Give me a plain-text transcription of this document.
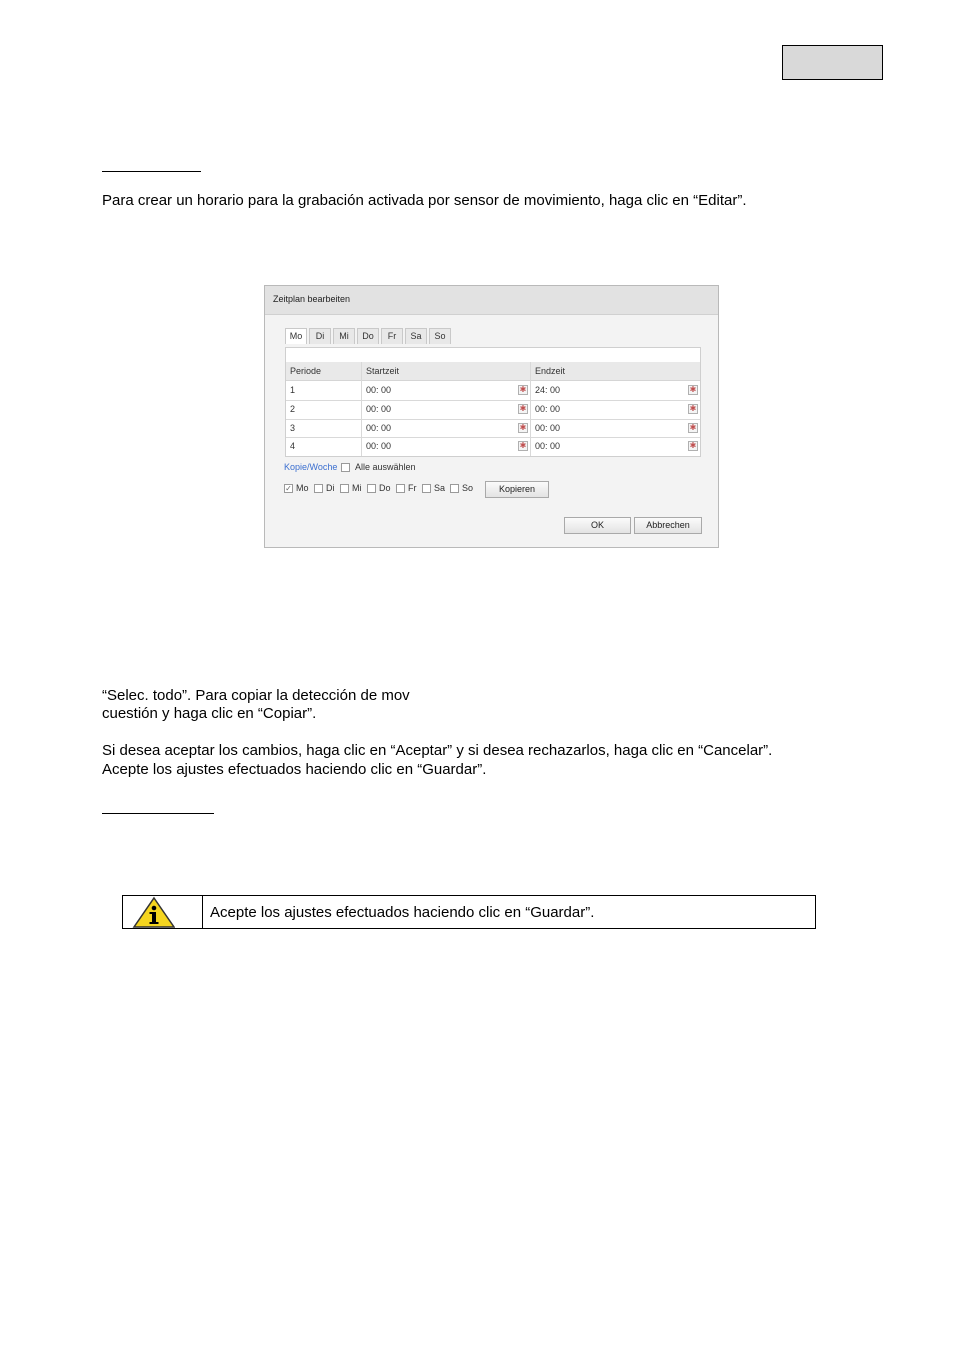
Para crear un horario para la grabación activada por sensor de movimiento, haga clic en “Editar”.
Zeitplan bearbeiten
Mo	Di	Mi	Do	Fr	Sa	So
Periode	Startzeit	Endzeit
1	00: 00	✱ 24: 00	✱
2	00: 00	✱ 00: 00	✱
3	00: 00	✱ 00: 00	✱
4	00: 00	✱ 00: 00	✱
Kopie/Woche Alle auswählen
✓ Mo Di Mi Do Fr Sa So	Kopieren
OK	Abbrechen
“Selec. todo”. Para copiar la detección de mov
cuestión y haga clic en “Copiar”.
Si desea aceptar los cambios, haga clic en “Aceptar” y si desea rechazarlos, haga clic en “Cancelar”.
Acepte los ajustes efectuados haciendo clic en “Guardar”.
Acepte los ajustes efectuados haciendo clic en “Guardar”.
